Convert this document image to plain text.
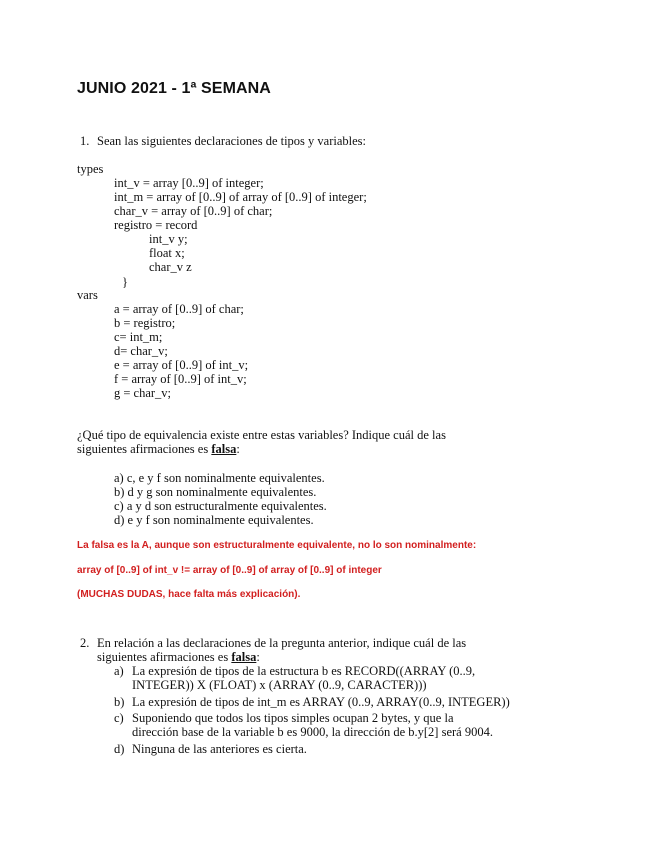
JUNIO 2021 - 1ª SEMANA
1. Sean las siguientes declaraciones de tipos y variables:
types
int_v = array [0..9] of integer;
int_m = array of [0..9] of array of [0..9] of integer;
char_v = array of [0..9] of char;
registro = record
int_v y;
float x;
char_v z
}
vars
a = array of [0..9] of char;
b = registro;
c= int_m;
d= char_v;
e = array of [0..9] of int_v;
f = array of [0..9] of int_v;
g = char_v;
¿Qué tipo de equivalencia existe entre estas variables? Indique cuál de las
siguientes afirmaciones es falsa:
a) c, e y f son nominalmente equivalentes.
b) d y g son nominalmente equivalentes.
c) a y d son estructuralmente equivalentes.
d) e y f son nominalmente equivalentes.
La falsa es la A, aunque son estructuralmente equivalente, no lo son nominalmente:
array of [0..9] of int_v != array of [0..9] of array of [0..9] of integer
(MUCHAS DUDAS, hace falta más explicación).
2. En relación a las declaraciones de la pregunta anterior, indique cuál de las
siguientes afirmaciones es falsa:
a) La expresión de tipos de la estructura b es RECORD((ARRAY (0..9,
INTEGER)) X (FLOAT) x (ARRAY (0..9, CARACTER)))
b) La expresión de tipos de int_m es ARRAY (0..9, ARRAY(0..9, INTEGER))
c) Suponiendo que todos los tipos simples ocupan 2 bytes, y que la
dirección base de la variable b es 9000, la dirección de b.y[2] será 9004.
d) Ninguna de las anteriores es cierta.
